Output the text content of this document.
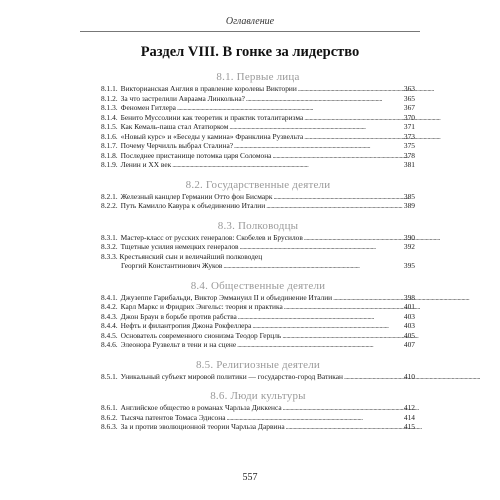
Оглавление
Раздел VIII. В гонке за лидерство
8.1. Первые лица
8.1.1. Викторианская Англия в правление королевы Виктории . . .	363
8.1.2. За что застрелили Авраама Линкольна? . . .	365
8.1.3. Феномен Гитлера . . .	367
8.1.4. Бенито Муссолини как теоретик и практик тоталитаризма . . .	370
8.1.5. Как Кемаль-паша стал Ататюрком . . .	371
8.1.6. «Новый курс» и «Беседы у камина» Франклина Рузвельта . . .	373
8.1.7. Почему Черчилль выбрал Сталина? . . .	375
8.1.8. Последнее пристанище потомка царя Соломона . . .	378
8.1.9. Ленин и XX век . . .	381
8.2. Государственные деятели
8.2.1. Железный канцлер Германии Отто фон Бисмарк . . .	385
8.2.2. Путь Камилло Кавура к объединению Италии . . .	389
8.3. Полководцы
8.3.1. Мастер-класс от русских генералов: Скобелев и Брусилов . . .	390
8.3.2. Тщетные усилия немецких генералов . . .	392
8.3.3. Крестьянский сын и величайший полководец
Георгий Константинович Жуков . . .	395
8.4. Общественные деятели
8.4.1. Джузеппе Гарибальди, Виктор Эммануил II и объединение Италии . . .	398
8.4.2. Карл Маркс и Фридрих Энгельс: теория и практика . . .	401
8.4.3. Джон Браун в борьбе против рабства . . .	403
8.4.4. Нефть и филантропия Джона Рокфеллера . . .	403
8.4.5. Основатель современного сионизма Теодор Герцль . . .	405
8.4.6. Элеонора Рузвельт в тени и на сцене . . .	407
8.5. Религиозные деятели
8.5.1. Уникальный субъект мировой политики — государство-город Ватикан . . .	410
8.6. Люди культуры
8.6.1. Английское общество в романах Чарльза Диккенса . . .	412
8.6.2. Тысяча патентов Томаса Эдисона . . .	414
8.6.3. За и против эволюционной теории Чарльза Дарвина . . .	415
557
